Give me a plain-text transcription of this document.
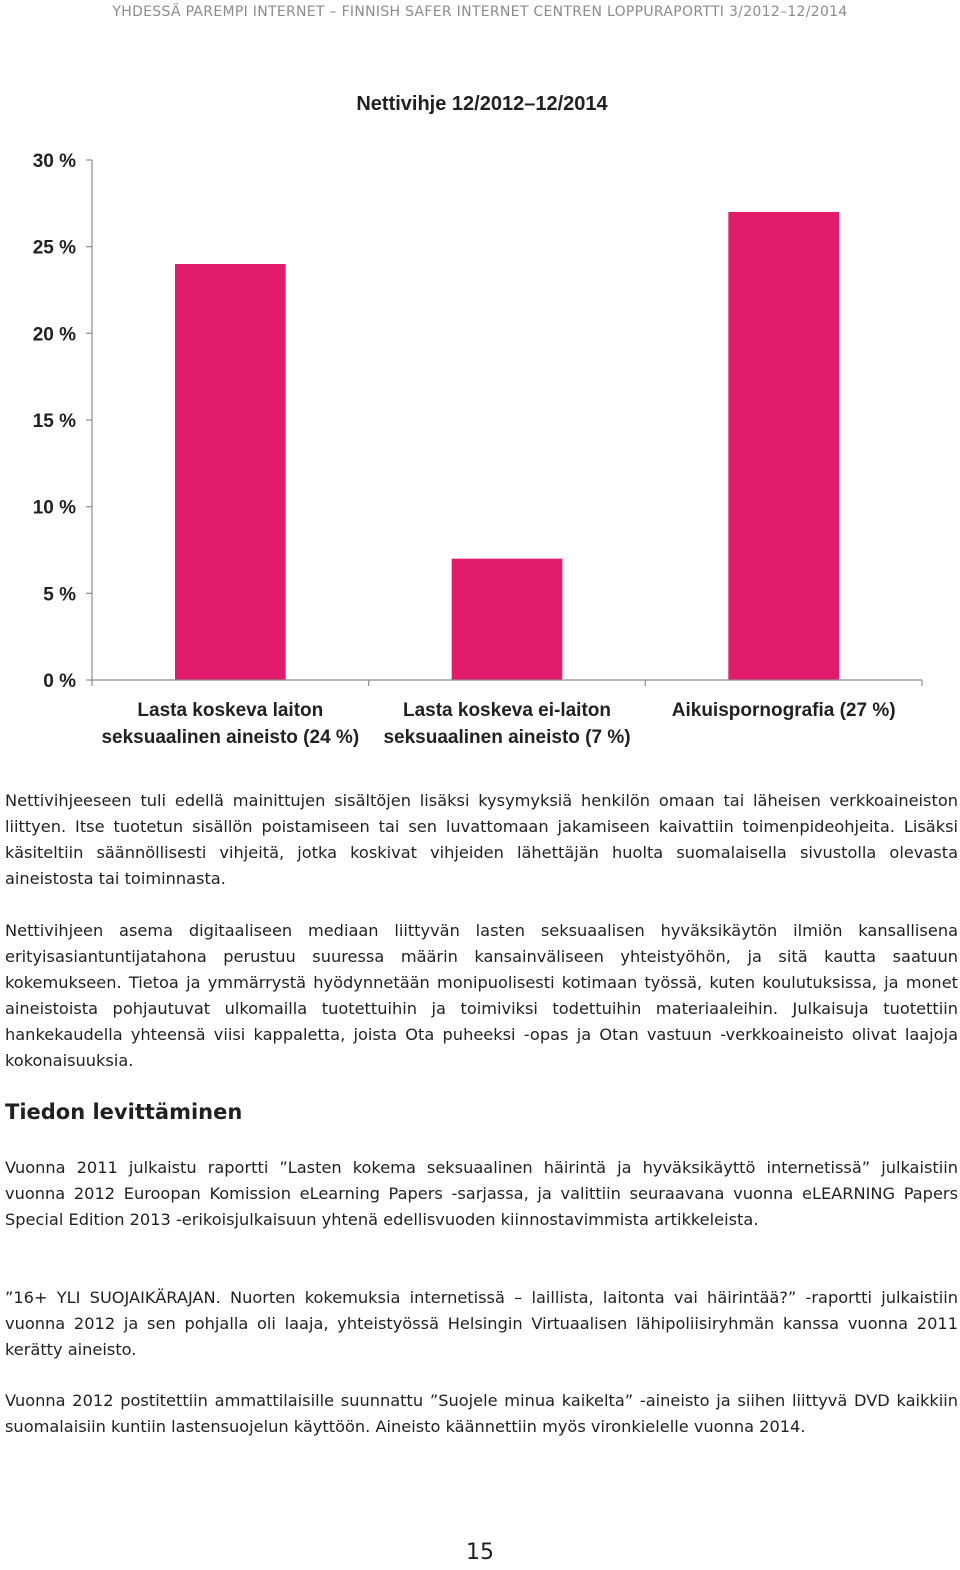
YHDESSÄ PAREMPI INTERNET – FINNISH SAFER INTERNET CENTREN LOPPURAPORTTI 3/2012–12/2014
Nettivihje 12/2012–12/2014
0 %
5 %
10 %
15 %
20 %
25 %
30 %
Lasta koskeva laiton
seksuaalinen aineisto (24 %)
Lasta koskeva ei-laiton
seksuaalinen aineisto (7 %)
Aikuispornografia (27 %)

Nettivihjeeseen tuli edellä mainittujen sisältöjen lisäksi kysymyksiä henkilön omaan tai läheisen verkkoaineiston liittyen. Itse tuotetun sisällön poistamiseen tai sen luvattomaan jakamiseen kaivattiin toimenpideohjeita. Lisäksi käsiteltiin säännöllisesti vihjeitä, jotka koskivat vihjeiden lähettäjän huolta suomalaisella sivustolla olevasta aineistosta tai toiminnasta.

Nettivihjeen asema digitaaliseen mediaan liittyvän lasten seksuaalisen hyväksikäytön ilmiön kansallisena erityisasiantuntijatahona perustuu suuressa määrin kansainväliseen yhteistyöhön, ja sitä kautta saatuun kokemukseen. Tietoa ja ymmärrystä hyödynnetään monipuolisesti kotimaan työssä, kuten koulutuksissa, ja monet aineistoista pohjautuvat ulkomailla tuotettuihin ja toimiviksi todettuihin materiaaleihin. Julkaisuja tuotettiin hankekaudella yhteensä viisi kappaletta, joista Ota puheeksi -opas ja Otan vastuun -verkkoaineisto olivat laajoja kokonaisuuksia.

Tiedon levittäminen

Vuonna 2011 julkaistu raportti ”Lasten kokema seksuaalinen häirintä ja hyväksikäyttö internetissä” julkaistiin vuonna 2012 Euroopan Komission eLearning Papers -sarjassa, ja valittiin seuraavana vuonna eLEARNING Papers Special Edition 2013 -erikoisjulkaisuun yhtenä edellisvuoden kiinnostavimmista artikkeleista.

”16+ YLI SUOJAIKÄRAJAN. Nuorten kokemuksia internetissä – laillista, laitonta vai häirintää?” -raportti julkaistiin vuonna 2012 ja sen pohjalla oli laaja, yhteistyössä Helsingin Virtuaalisen lähipoliisiryhmän kanssa vuonna 2011 kerätty aineisto.

Vuonna 2012 postitettiin ammattilaisille suunnattu ”Suojele minua kaikelta” -aineisto ja siihen liittyvä DVD kaikkiin suomalaisiin kuntiin lastensuojelun käyttöön. Aineisto käännettiin myös vironkielelle vuonna 2014.

15
